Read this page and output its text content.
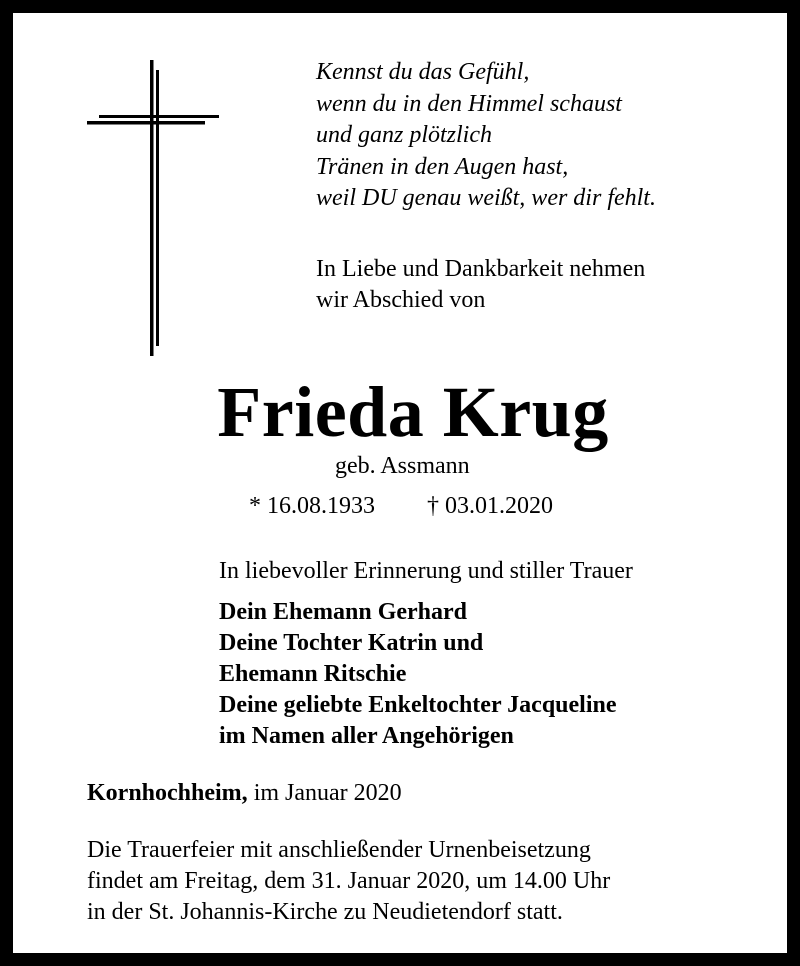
Kennst du das Gefühl,
wenn du in den Himmel schaust
und ganz plötzlich
Tränen in den Augen hast,
weil DU genau weißt, wer dir fehlt.
In Liebe und Dankbarkeit nehmen
wir Abschied von
Frieda Krug
geb. Assmann
* 16.08.1933 † 03.01.2020
In liebevoller Erinnerung und stiller Trauer
Dein Ehemann Gerhard
Deine Tochter Katrin und
Ehemann Ritschie
Deine geliebte Enkeltochter Jacqueline
im Namen aller Angehörigen
Kornhochheim, im Januar 2020
Die Trauerfeier mit anschließender Urnenbeisetzung
findet am Freitag, dem 31. Januar 2020, um 14.00 Uhr
in der St. Johannis-Kirche zu Neudietendorf statt.
